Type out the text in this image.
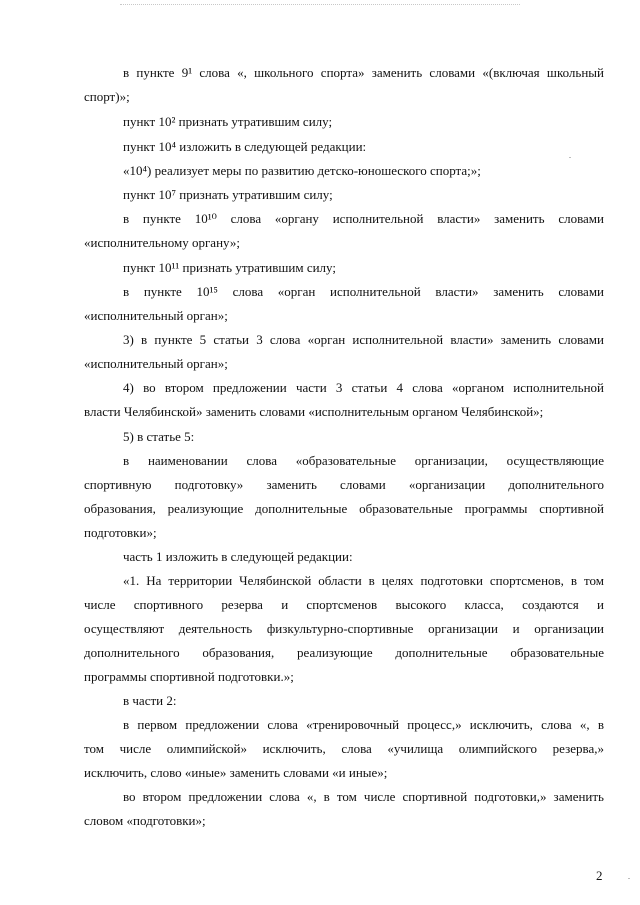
в пункте 9¹ слова «, школьного спорта» заменить словами «(включая школьный
спорт)»;
пункт 10² признать утратившим силу;
пункт 10⁴ изложить в следующей редакции:
«10⁴) реализует меры по развитию детско-юношеского спорта;»;
пункт 10⁷ признать утратившим силу;
в пункте 10¹⁰ слова «органу исполнительной власти» заменить словами
«исполнительному органу»;
пункт 10¹¹ признать утратившим силу;
в пункте 10¹⁵ слова «орган исполнительной власти» заменить словами
«исполнительный орган»;
3) в пункте 5 статьи 3 слова «орган исполнительной власти» заменить словами
«исполнительный орган»;
4) во втором предложении части 3 статьи 4 слова «органом исполнительной
власти Челябинской» заменить словами «исполнительным органом Челябинской»;
5) в статье 5:
в наименовании слова «образовательные организации, осуществляющие
спортивную подготовку» заменить словами «организации дополнительного
образования, реализующие дополнительные образовательные программы спортивной
подготовки»;
часть 1 изложить в следующей редакции:
«1. На территории Челябинской области в целях подготовки спортсменов, в том
числе спортивного резерва и спортсменов высокого класса, создаются и
осуществляют деятельность физкультурно-спортивные организации и организации
дополнительного образования, реализующие дополнительные образовательные
программы спортивной подготовки.»;
в части 2:
в первом предложении слова «тренировочный процесс,» исключить, слова «, в
том числе олимпийской» исключить, слова «училища олимпийского резерва,»
исключить, слово «иные» заменить словами «и иные»;
во втором предложении слова «, в том числе спортивной подготовки,» заменить
словом «подготовки»;
2
